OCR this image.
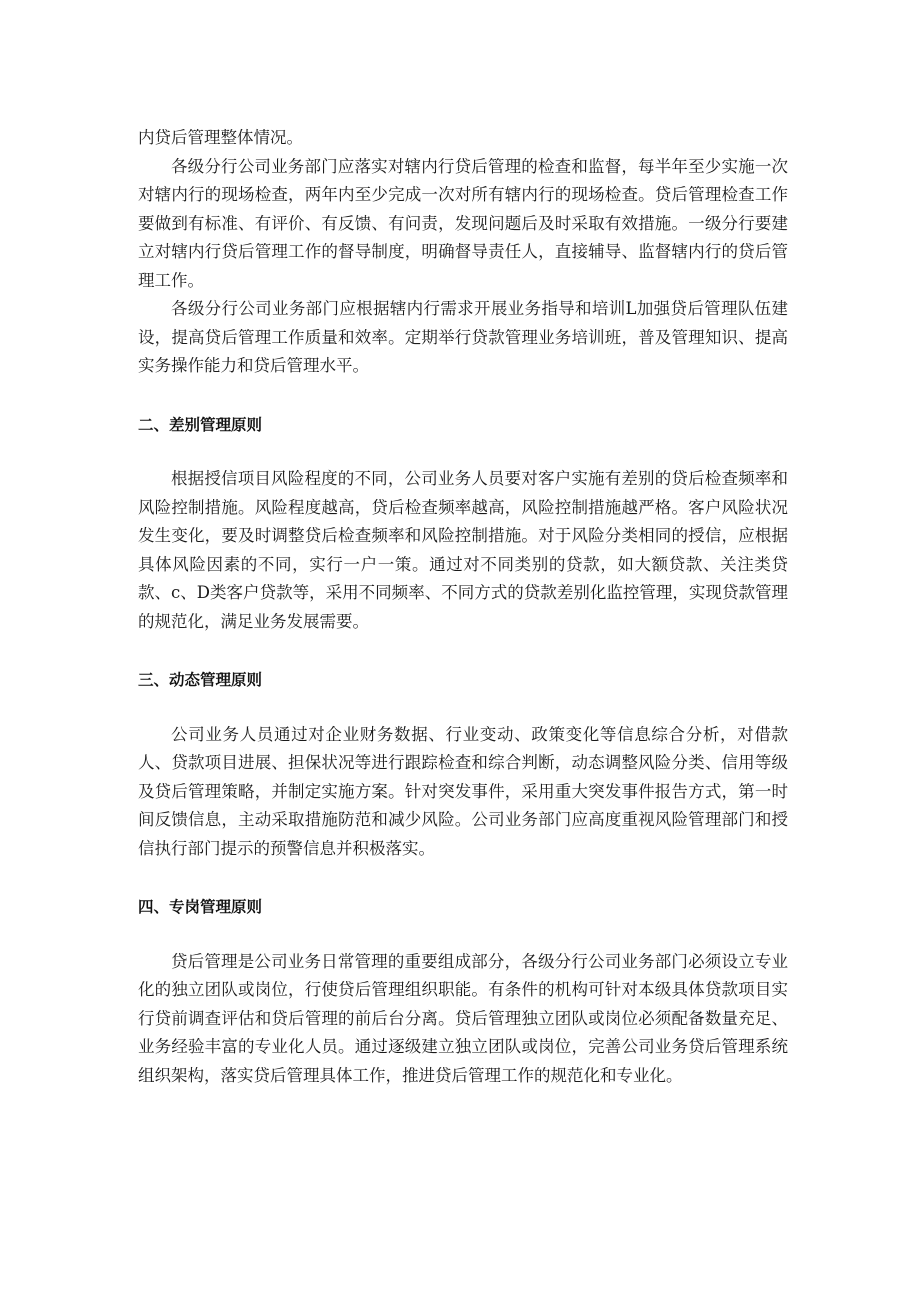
内贷后管理整体情况。

各级分行公司业务部门应落实对辖内行贷后管理的检查和监督，每半年至少实施一次对辖内行的现场检查，两年内至少完成一次对所有辖内行的现场检查。贷后管理检查工作要做到有标准、有评价、有反馈、有问责，发现问题后及时采取有效措施。一级分行要建立对辖内行贷后管理工作的督导制度，明确督导责任人，直接辅导、监督辖内行的贷后管理工作。

各级分行公司业务部门应根据辖内行需求开展业务指导和培训L加强贷后管理队伍建设，提高贷后管理工作质量和效率。定期举行贷款管理业务培训班，普及管理知识、提高实务操作能力和贷后管理水平。

二、差别管理原则

根据授信项目风险程度的不同，公司业务人员要对客户实施有差别的贷后检查频率和风险控制措施。风险程度越高，贷后检查频率越高，风险控制措施越严格。客户风险状况发生变化，要及时调整贷后检查频率和风险控制措施。对于风险分类相同的授信，应根据具体风险因素的不同，实行一户一策。通过对不同类别的贷款，如大额贷款、关注类贷款、c、D类客户贷款等，采用不同频率、不同方式的贷款差别化监控管理，实现贷款管理的规范化，满足业务发展需要。

三、动态管理原则

公司业务人员通过对企业财务数据、行业变动、政策变化等信息综合分析，对借款人、贷款项目进展、担保状况等进行跟踪检查和综合判断，动态调整风险分类、信用等级及贷后管理策略，并制定实施方案。针对突发事件，采用重大突发事件报告方式，第一时间反馈信息，主动采取措施防范和减少风险。公司业务部门应高度重视风险管理部门和授信执行部门提示的预警信息并积极落实。

四、专岗管理原则

贷后管理是公司业务日常管理的重要组成部分，各级分行公司业务部门必须设立专业化的独立团队或岗位，行使贷后管理组织职能。有条件的机构可针对本级具体贷款项目实行贷前调查评估和贷后管理的前后台分离。贷后管理独立团队或岗位必须配备数量充足、业务经验丰富的专业化人员。通过逐级建立独立团队或岗位，完善公司业务贷后管理系统组织架构，落实贷后管理具体工作，推进贷后管理工作的规范化和专业化。
